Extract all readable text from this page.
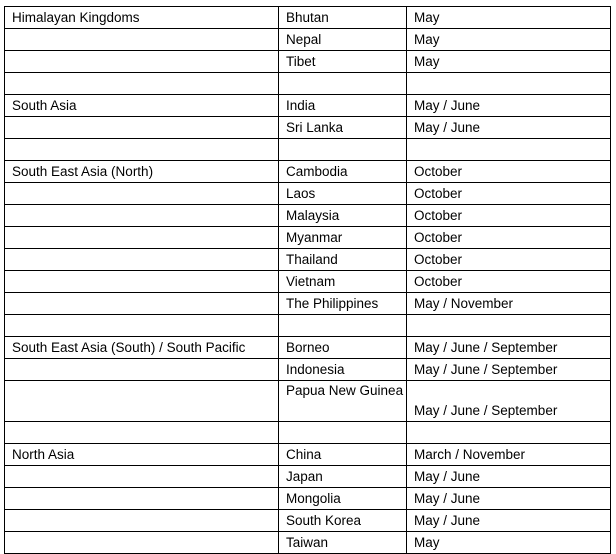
Himalayan Kingdoms	Bhutan	May
	Nepal	May
	Tibet	May

South Asia	India	May / June
	Sri Lanka	May / June

South East Asia (North)	Cambodia	October
	Laos	October
	Malaysia	October
	Myanmar	October
	Thailand	October
	Vietnam	October
	The Philippines	May / November

South East Asia (South) / South Pacific	Borneo	May / June / September
	Indonesia	May / June / September
	Papua New Guinea	May / June / September

North Asia	China	March / November
	Japan	May / June
	Mongolia	May / June
	South Korea	May / June
	Taiwan	May
